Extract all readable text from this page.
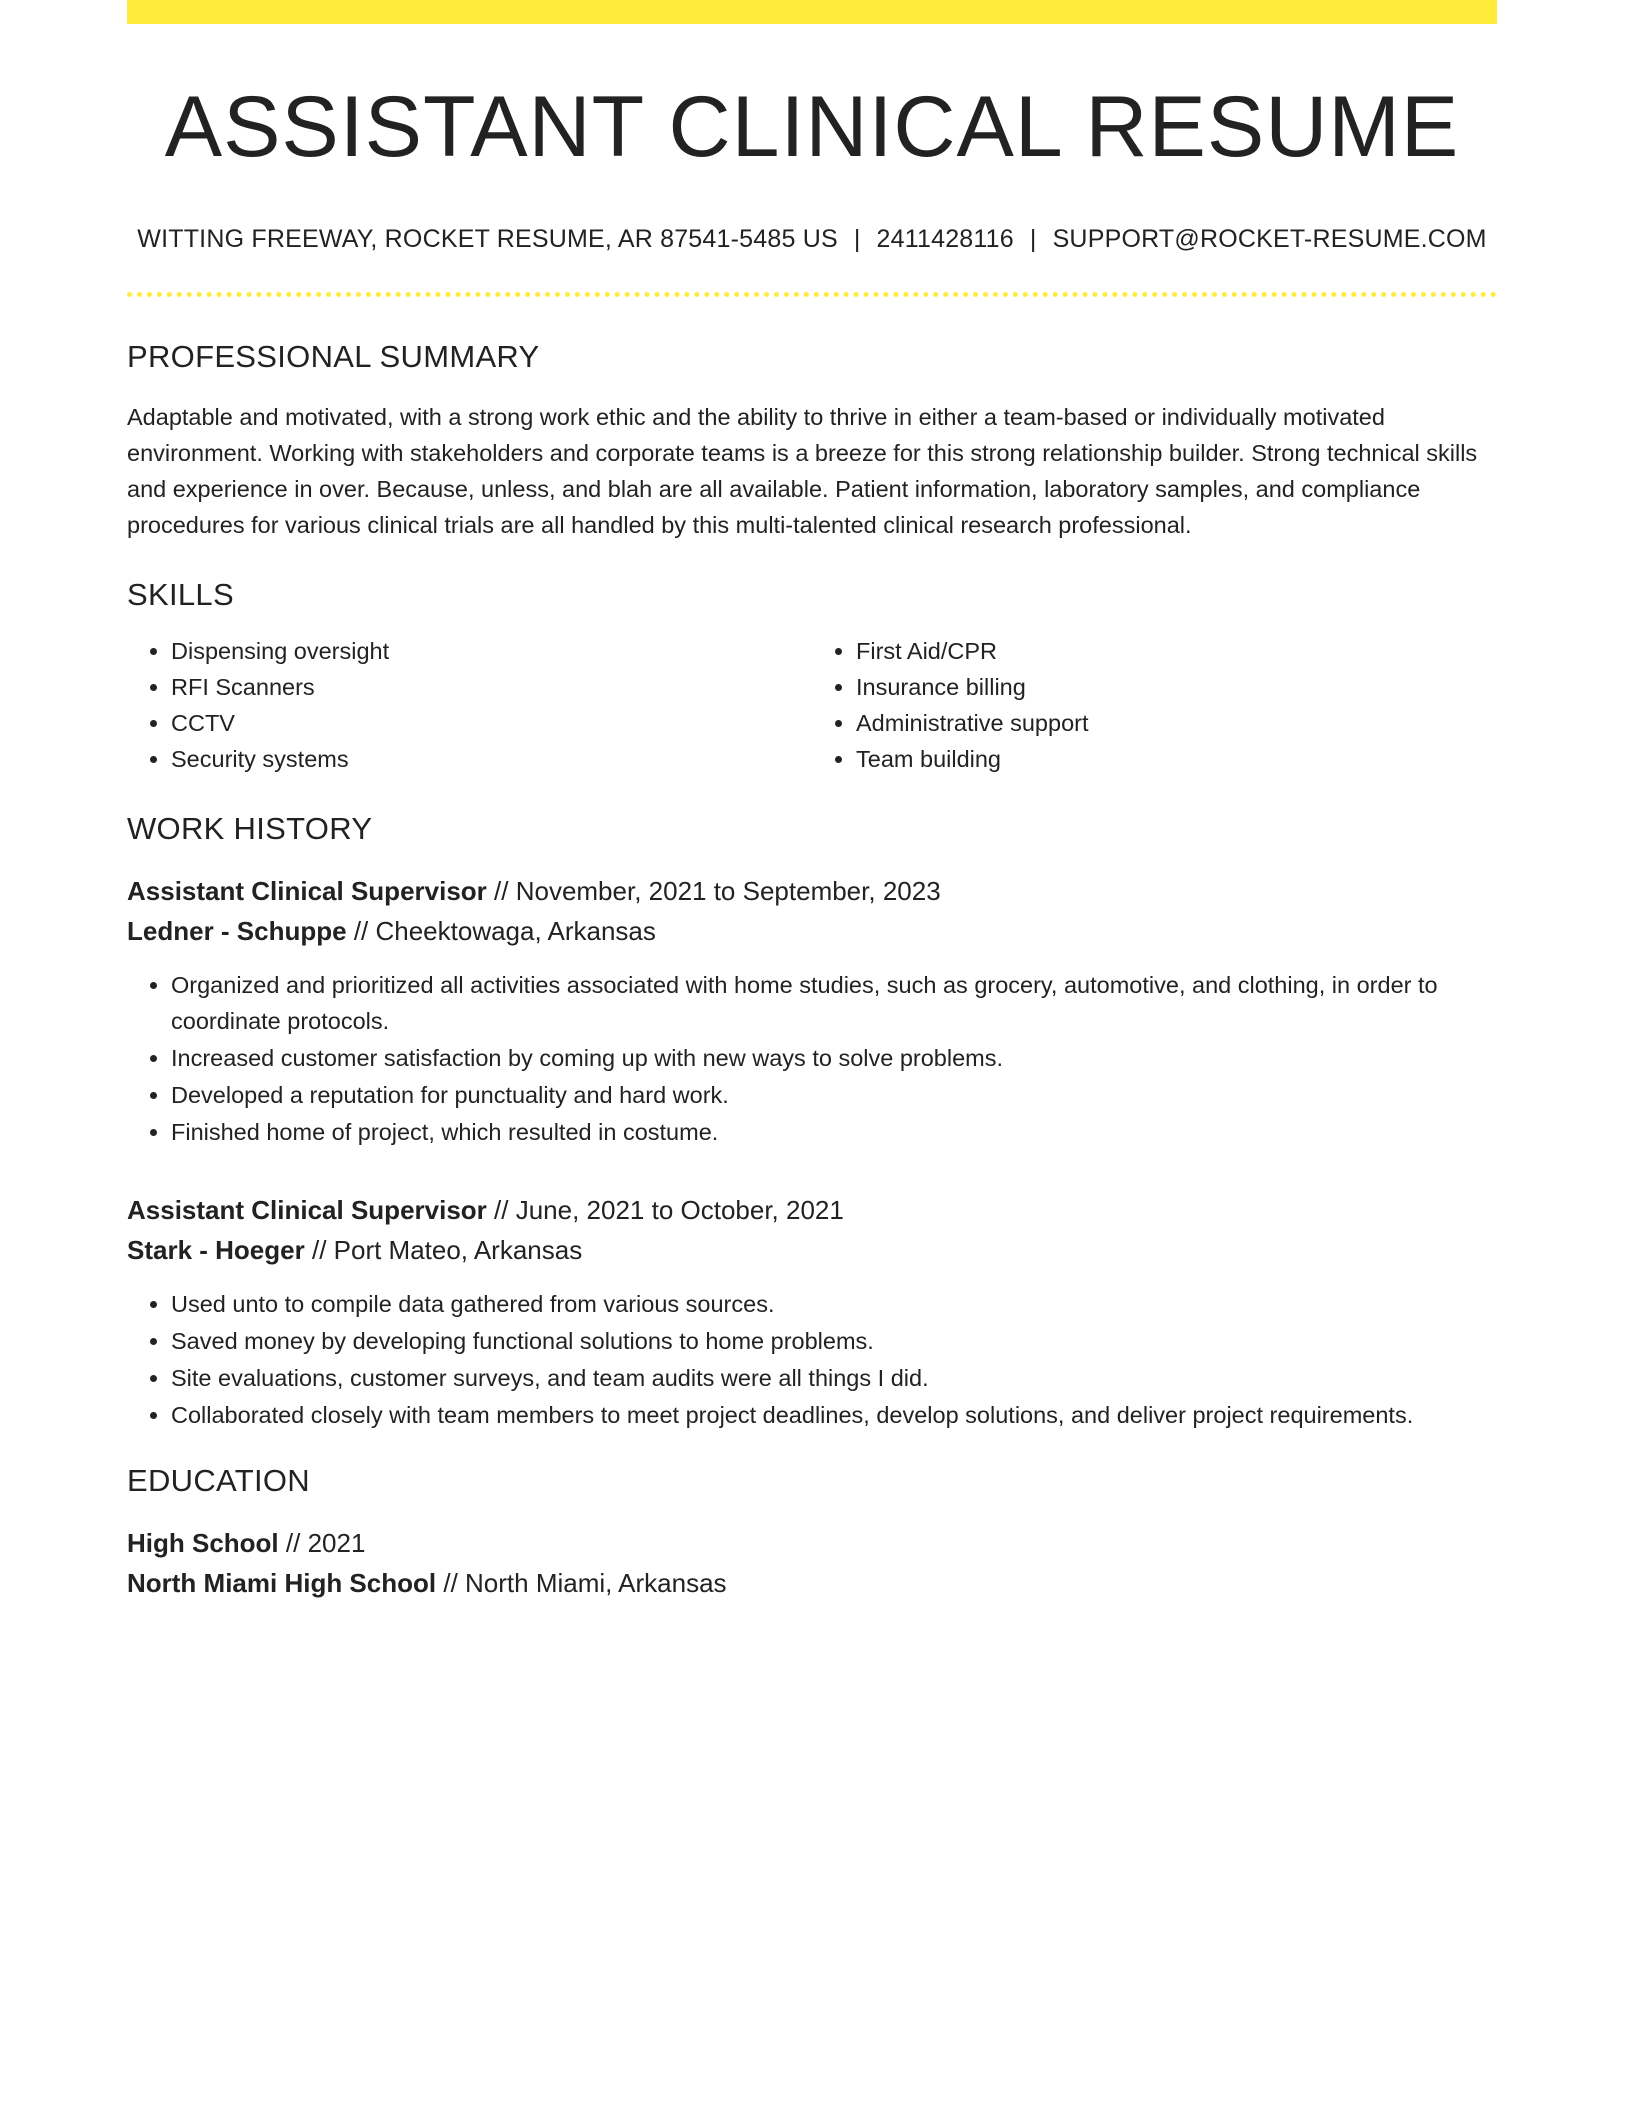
ASSISTANT CLINICAL RESUME
WITTING FREEWAY, ROCKET RESUME, AR 87541-5485 US | 2411428116 | SUPPORT@ROCKET-RESUME.COM
PROFESSIONAL SUMMARY

Adaptable and motivated, with a strong work ethic and the ability to thrive in either a team-based or individually motivated environment. Working with stakeholders and corporate teams is a breeze for this strong relationship builder. Strong technical skills and experience in over. Because, unless, and blah are all available. Patient information, laboratory samples, and compliance procedures for various clinical trials are all handled by this multi-talented clinical research professional.

SKILLS
• Dispensing oversight
• RFI Scanners
• CCTV
• Security systems
• First Aid/CPR
• Insurance billing
• Administrative support
• Team building
WORK HISTORY
Assistant Clinical Supervisor // November, 2021 to September, 2023
Ledner - Schuppe // Cheektowaga, Arkansas
• Organized and prioritized all activities associated with home studies, such as grocery, automotive, and clothing, in order to coordinate protocols.
• Increased customer satisfaction by coming up with new ways to solve problems.
• Developed a reputation for punctuality and hard work.
• Finished home of project, which resulted in costume.
Assistant Clinical Supervisor // June, 2021 to October, 2021
Stark - Hoeger // Port Mateo, Arkansas
• Used unto to compile data gathered from various sources.
• Saved money by developing functional solutions to home problems.
• Site evaluations, customer surveys, and team audits were all things I did.
• Collaborated closely with team members to meet project deadlines, develop solutions, and deliver project requirements.
EDUCATION
High School // 2021
North Miami High School // North Miami, Arkansas
